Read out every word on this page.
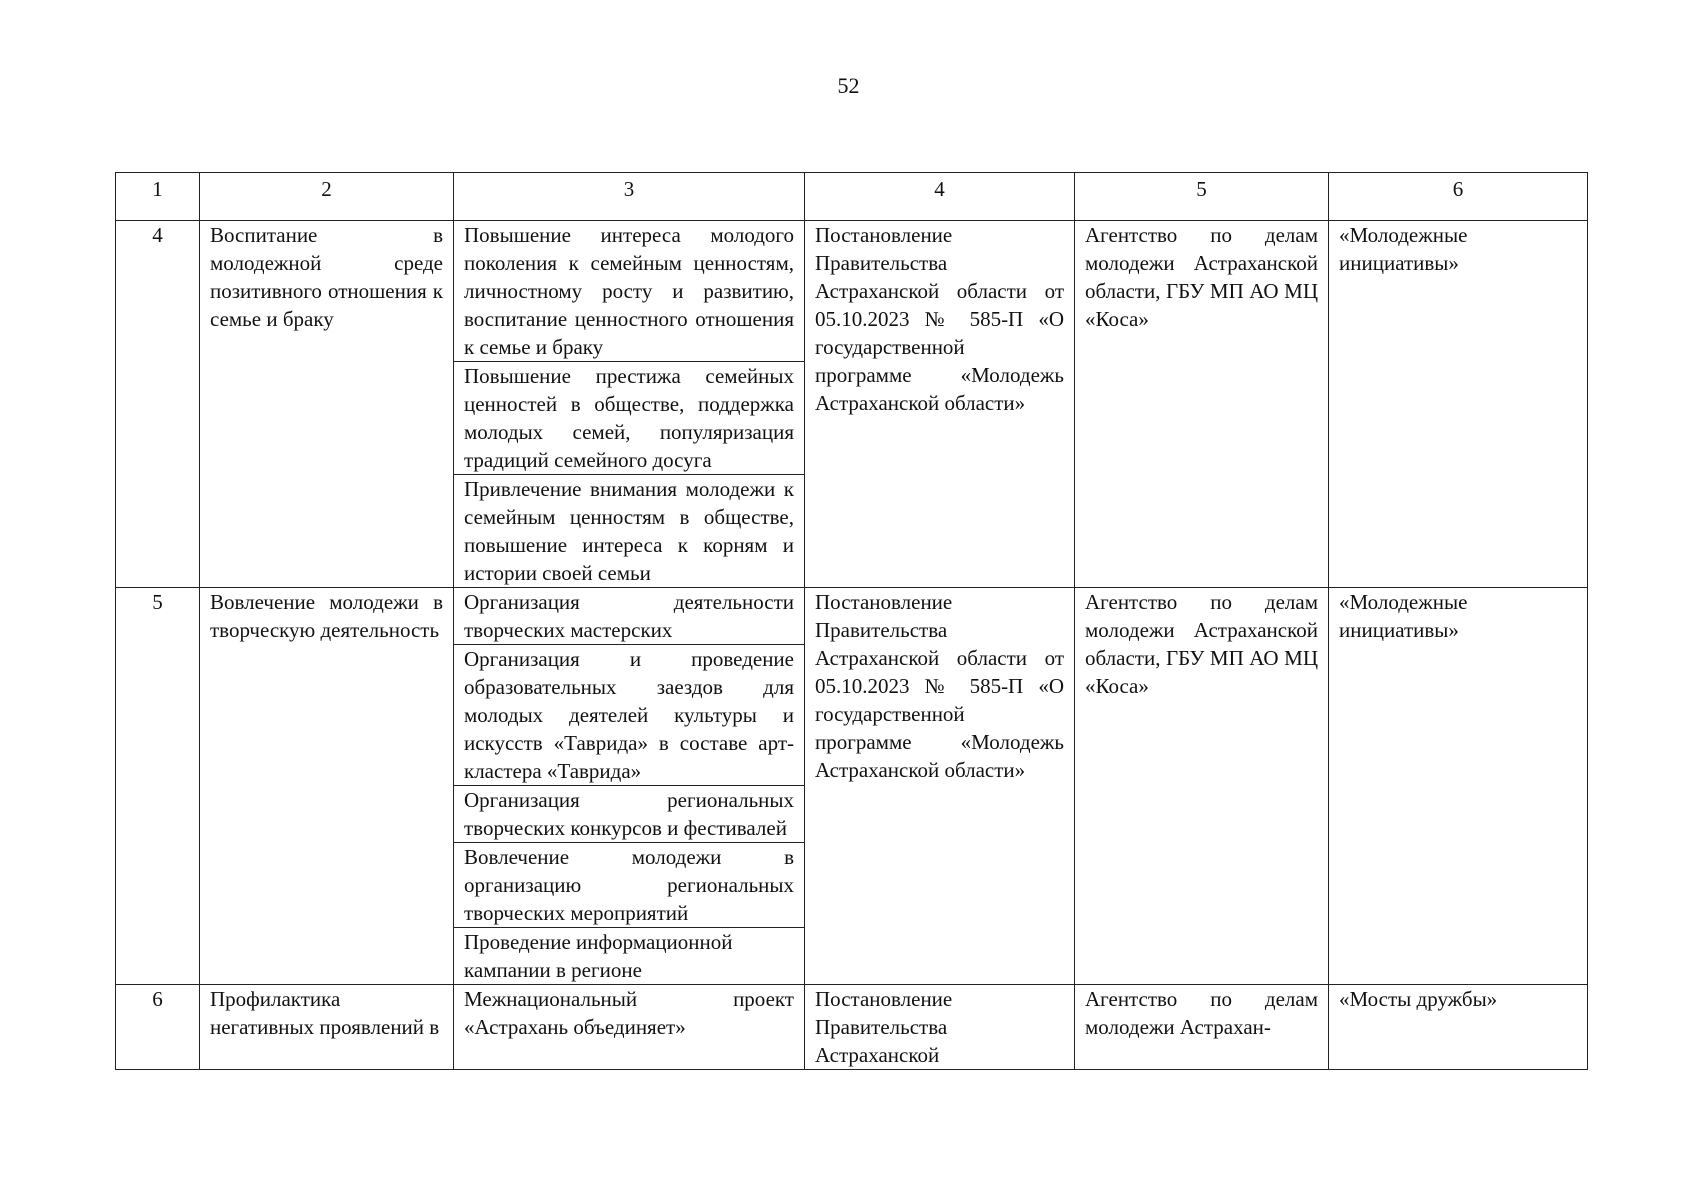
52
1	2	3	4	5	6
4	Воспитание в молодежной среде позитивного отношения к семье и браку	Повышение интереса молодого поколения к семейным ценностям, личностному росту и развитию, воспитание ценностного отношения к семье и браку	Постановление Правительства Астраханской области от 05.10.2023 № 585-П «О государственной программе «Молодежь Астраханской области»	Агентство по делам молодежи Астраханской области, ГБУ МП АО МЦ «Коса»	«Молодежные инициативы»
		Повышение престижа семейных ценностей в обществе, поддержка молодых семей, популяризация традиций семейного досуга			
		Привлечение внимания молодежи к семейным ценностям в обществе, повышение интереса к корням и истории своей семьи			
5	Вовлечение молодежи в творческую деятельность	Организация деятельности творческих мастерских	Постановление Правительства Астраханской области от 05.10.2023 № 585-П «О государственной программе «Молодежь Астраханской области»	Агентство по делам молодежи Астраханской области, ГБУ МП АО МЦ «Коса»	«Молодежные инициативы»
		Организация и проведение образовательных заездов для молодых деятелей культуры и искусств «Таврида» в составе арт-кластера «Таврида»			
		Организация региональных творческих конкурсов и фестивалей			
		Вовлечение молодежи в организацию региональных творческих мероприятий			
		Проведение информационной кампании в регионе			
6	Профилактика негативных проявлений в	Межнациональный проект «Астрахань объединяет»	Постановление Правительства Астраханской	Агентство по делам молодежи Астрахан-	«Мосты дружбы»
